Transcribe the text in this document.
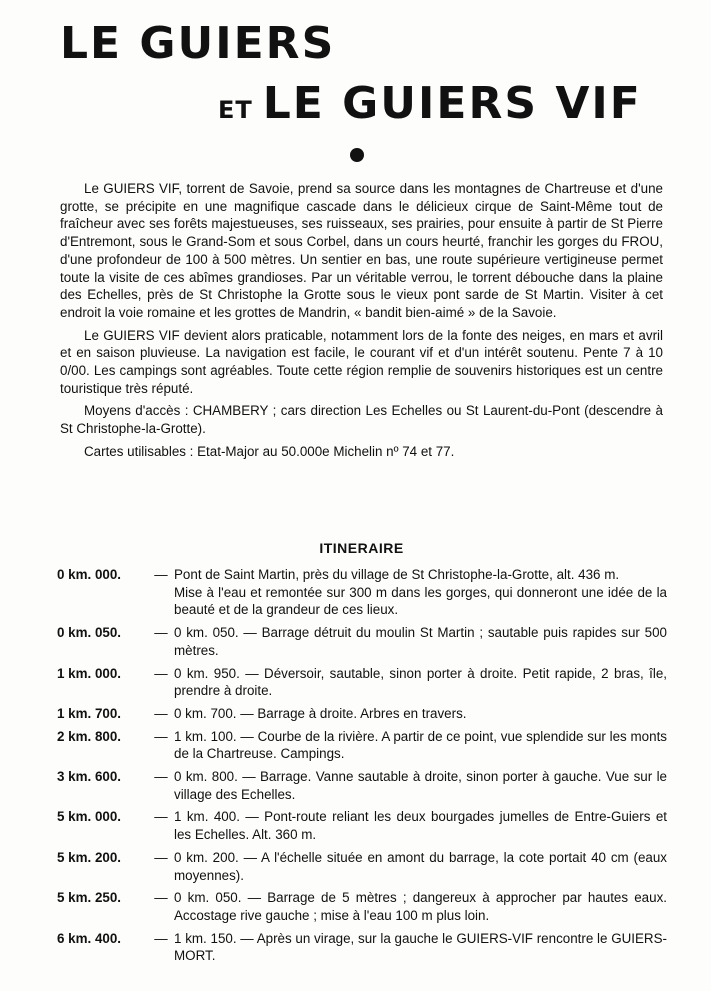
LE GUIERS
ET LE GUIERS VIF

Le GUIERS VIF, torrent de Savoie, prend sa source dans les montagnes de Chartreuse et d'une grotte, se précipite en une magnifique cascade dans le délicieux cirque de Saint-Même tout de fraîcheur avec ses forêts majestueuses, ses ruisseaux, ses prairies, pour ensuite à partir de St Pierre d'Entremont, sous le Grand-Som et sous Corbel, dans un cours heurté, franchir les gorges du FROU, d'une profondeur de 100 à 500 mètres. Un sentier en bas, une route supérieure vertigineuse permet toute la visite de ces abîmes grandioses. Par un véritable verrou, le torrent débouche dans la plaine des Echelles, près de St Christophe la Grotte sous le vieux pont sarde de St Martin. Visiter à cet endroit la voie romaine et les grottes de Mandrin, « bandit bien-aimé » de la Savoie.

Le GUIERS VIF devient alors praticable, notamment lors de la fonte des neiges, en mars et avril et en saison pluvieuse. La navigation est facile, le courant vif et d'un intérêt soutenu. Pente 7 à 10 0/00. Les campings sont agréables. Toute cette région remplie de souvenirs historiques est un centre touristique très réputé.

Moyens d'accès : CHAMBERY ; cars direction Les Echelles ou St Laurent-du-Pont (descendre à St Christophe-la-Grotte).

Cartes utilisables : Etat-Major au 50.000e Michelin nº 74 et 77.

ITINERAIRE
0 km. 000.	— Pont de Saint Martin, près du village de St Christophe-la-Grotte, alt. 436 m.
Mise à l'eau et remontée sur 300 m dans les gorges, qui donneront une idée de la beauté et de la grandeur de ces lieux.
0 km. 050.	— 0 km. 050. — Barrage détruit du moulin St Martin ; sautable puis rapides sur 500 mètres.
1 km. 000.	— 0 km. 950. — Déversoir, sautable, sinon porter à droite. Petit rapide, 2 bras, île, prendre à droite.
1 km. 700.	— 0 km. 700. — Barrage à droite. Arbres en travers.
2 km. 800.	— 1 km. 100. — Courbe de la rivière. A partir de ce point, vue splendide sur les monts de la Chartreuse. Campings.
3 km. 600.	— 0 km. 800. — Barrage. Vanne sautable à droite, sinon porter à gauche. Vue sur le village des Echelles.
5 km. 000.	— 1 km. 400. — Pont-route reliant les deux bourgades jumelles de Entre-Guiers et les Echelles. Alt. 360 m.
5 km. 200.	— 0 km. 200. — A l'échelle située en amont du barrage, la cote portait 40 cm (eaux moyennes).
5 km. 250.	— 0 km. 050. — Barrage de 5 mètres ; dangereux à approcher par hautes eaux. Accostage rive gauche ; mise à l'eau 100 m plus loin.
6 km. 400.	— 1 km. 150. — Après un virage, sur la gauche le GUIERS-VIF rencontre le GUIERS-MORT.
